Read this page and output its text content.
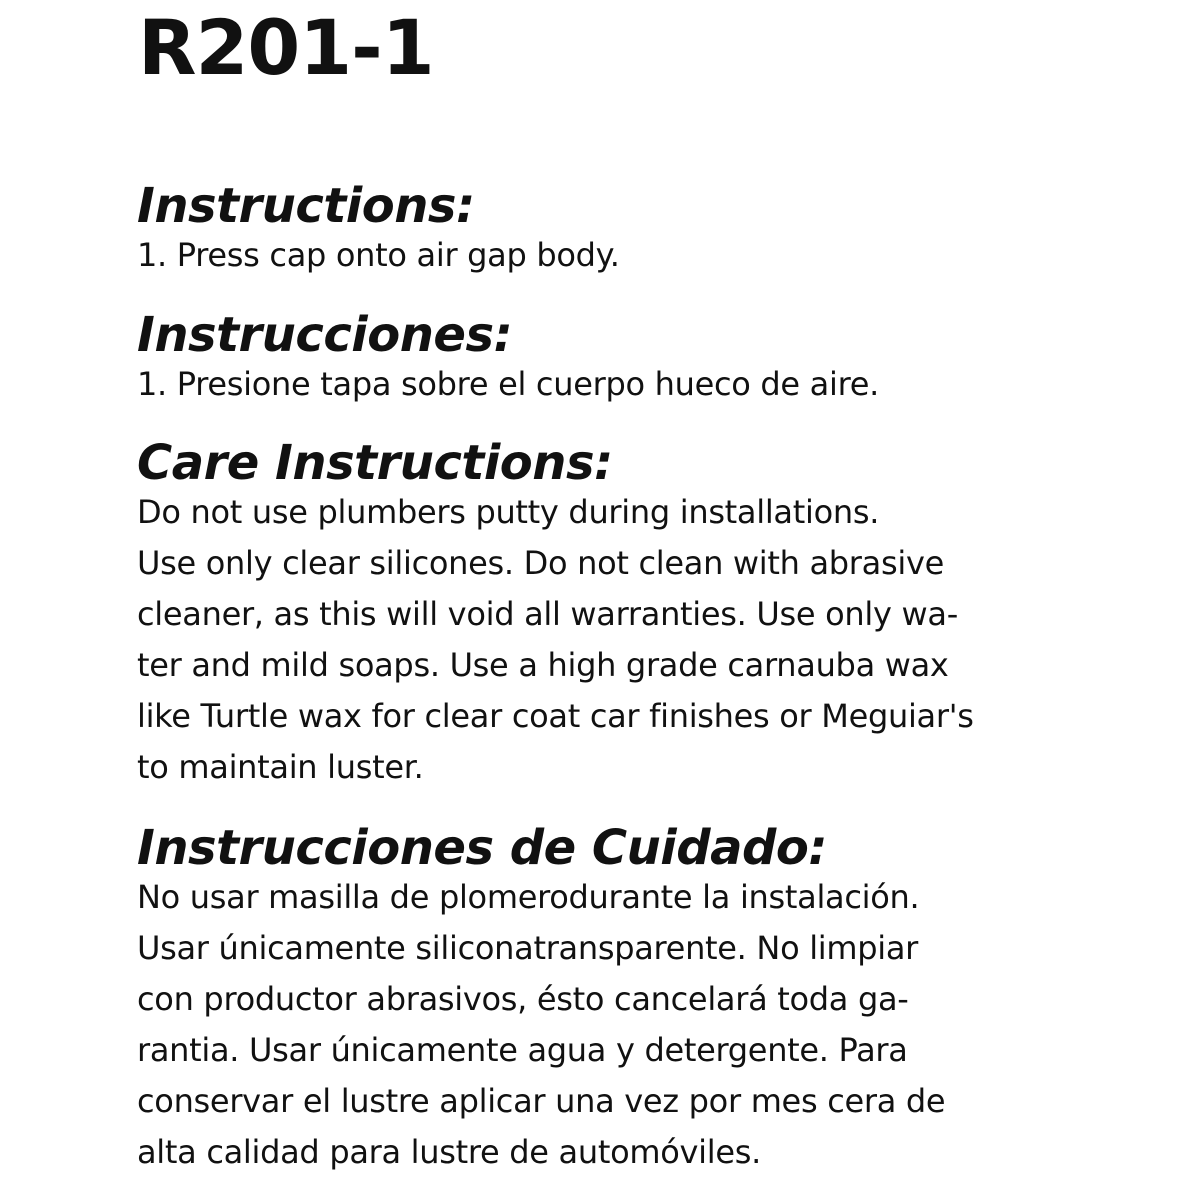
R201-1
Instructions:

1. Press cap onto air gap body.

Instrucciones:

1. Presione tapa sobre el cuerpo hueco de aire.

Care Instructions:

Do not use plumbers putty during installations.
Use only clear silicones. Do not clean with abrasive
cleaner, as this will void all warranties. Use only wa-
ter and mild soaps. Use a high grade carnauba wax
like Turtle wax for clear coat car finishes or Meguiar's
to maintain luster.

Instrucciones de Cuidado:

No usar masilla de plomerodurante la instalación.
Usar únicamente siliconatransparente. No limpiar
con productor abrasivos, ésto cancelará toda ga-
rantia. Usar únicamente agua y detergente. Para
conservar el lustre aplicar una vez por mes cera de
alta calidad para lustre de automóviles.
